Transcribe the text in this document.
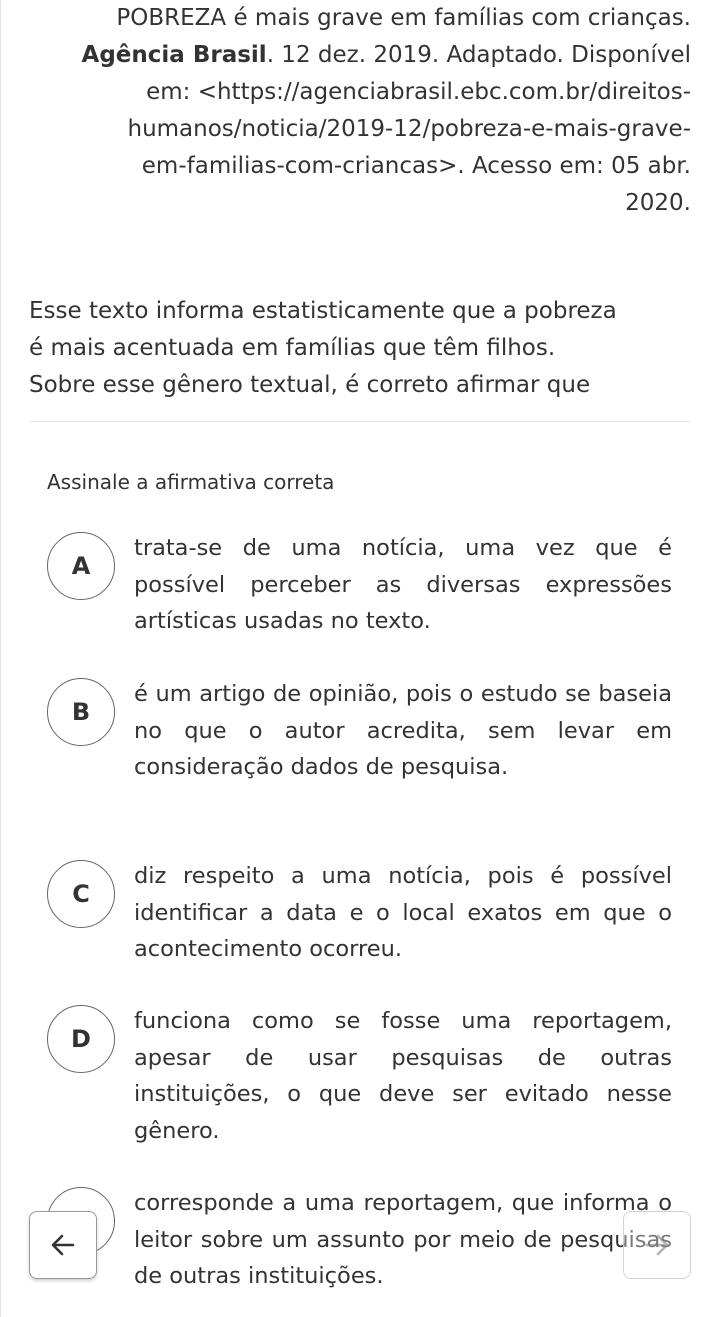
POBREZA é mais grave em famílias com crianças.
Agência Brasil. 12 dez. 2019. Adaptado. Disponível
em: <https://agenciabrasil.ebc.com.br/direitos-
humanos/noticia/2019-12/pobreza-e-mais-grave-
em-familias-com-criancas>. Acesso em: 05 abr.
2020.
Esse texto informa estatisticamente que a pobreza
é mais acentuada em famílias que têm filhos.
Sobre esse gênero textual, é correto afirmar que
Assinale a afirmativa correta
A
trata-se de uma notícia, uma vez que é possível perceber as diversas expressões artísticas usadas no texto.
B
é um artigo de opinião, pois o estudo se baseia no que o autor acredita, sem levar em consideração dados de pesquisa.
C
diz respeito a uma notícia, pois é possível identificar a data e o local exatos em que o acontecimento ocorreu.
D
funciona como se fosse uma reportagem, apesar de usar pesquisas de outras instituições, o que deve ser evitado nesse gênero.
corresponde a uma reportagem, que informa o leitor sobre um assunto por meio de pesquisas de outras instituições.
